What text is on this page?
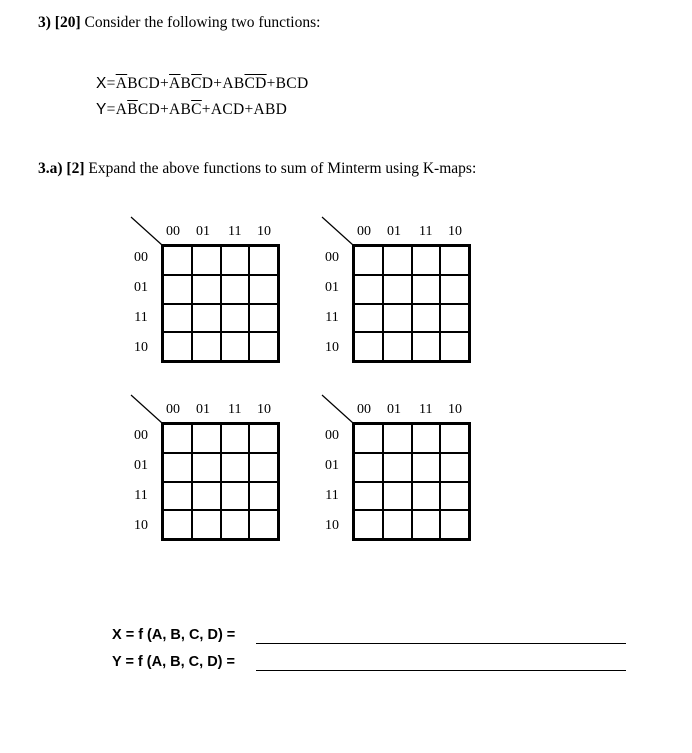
3) [20] Consider the following two functions:
$X=\overline{A}BCD+\overline{A}B\overline{C}D+AB\overline{CD}+BCD$
$Y=A\overline{B}CD+AB\overline{C}+ACD+ABD$
3.a) [2] Expand the above functions to sum of Minterm using K-maps:
00 01 11 10
00
01
11
10
00 01 11 10
00
01
11
10
00 01 11 10
00
01
11
10
00 01 11 10
00
01
11
10
X = f (A, B, C, D) =
Y = f (A, B, C, D) =
